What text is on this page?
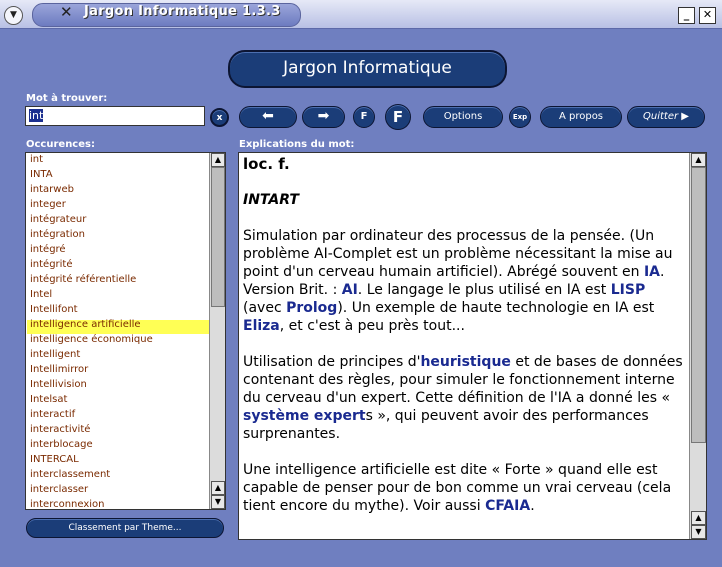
▼	✕ Jargon Informatique 1.3.3	_	✕
Jargon Informatique
Mot à trouver:
int	x	⬅	➡	F	F	Options	Exp	A propos	Quitter ▶
Occurences:
int
INTA
intarweb
integer
intégrateur
intégration
intégré
intégrité
intégrité référentielle
Intel
Intellifont
intelligence artificielle
intelligence économique
intelligent
Intellimirror
Intellivision
Intelsat
interactif
interactivité
interblocage
INTERCAL
interclassement
interclasser
interconnexion
▲
▲
▼
Classement par Theme...
Explications du mot:

loc. f.

INTART

Simulation par ordinateur des processus de la pensée. (Un problème AI-Complet est un problème nécessitant la mise au point d'un cerveau humain artificiel). Abrégé souvent en IA. Version Brit. : AI. Le langage le plus utilisé en IA est LISP (avec Prolog). Un exemple de haute technologie en IA est Eliza, et c'est à peu près tout...

Utilisation de principes d'heuristique et de bases de données contenant des règles, pour simuler le fonctionnement interne du cerveau d'un expert. Cette définition de l'IA a donné les « système experts », qui peuvent avoir des performances surprenantes.

Une intelligence artificielle est dite « Forte » quand elle est capable de penser pour de bon comme un vrai cerveau (cela tient encore du mythe). Voir aussi CFAIA.

▲
▲
▼
